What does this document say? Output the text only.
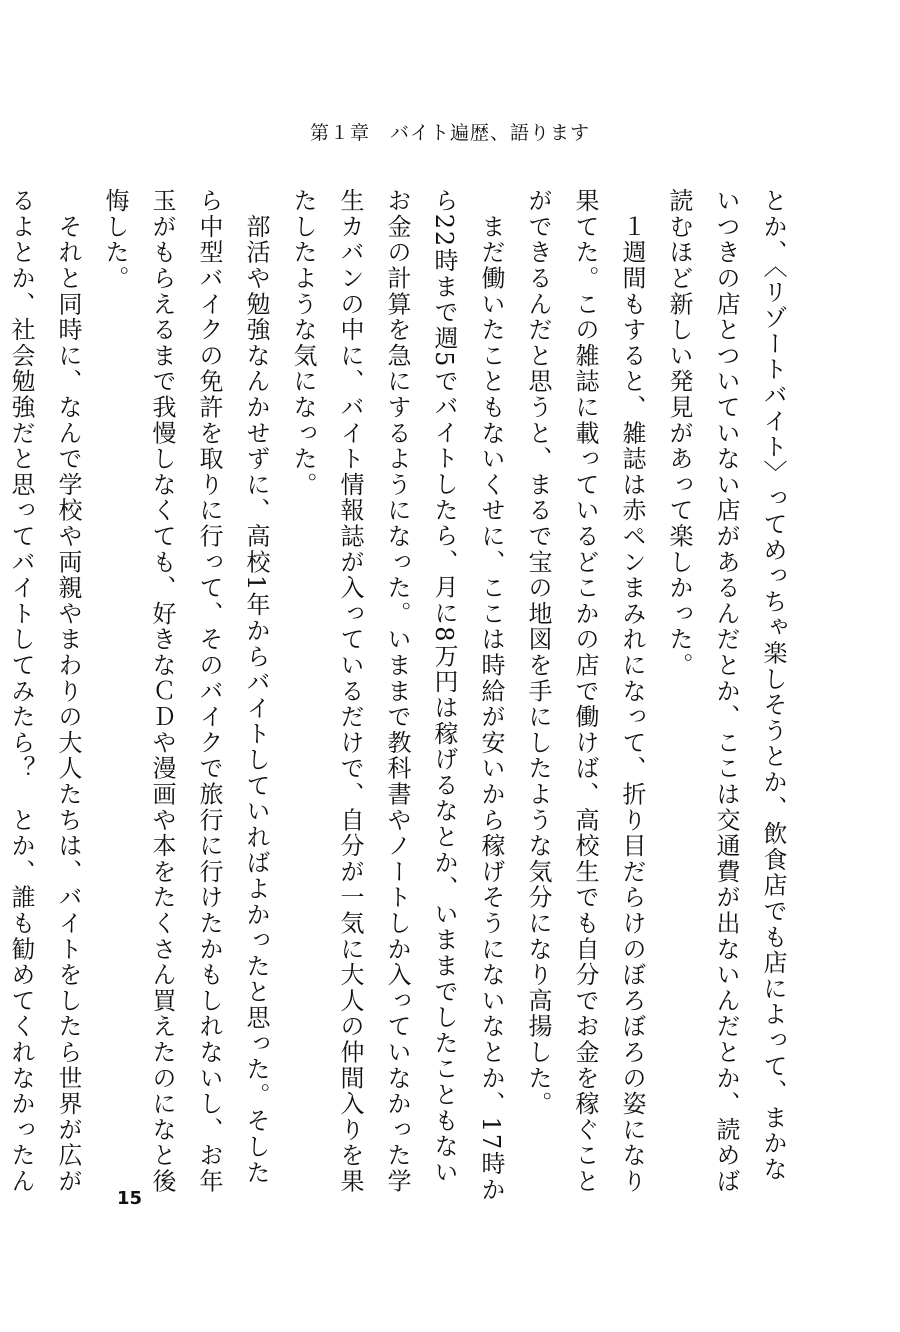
第１章　バイト遍歴、語ります
とか、〈リゾートバイト〉ってめっちゃ楽しそうとか、飲食店でも店によって、まかな
いつきの店とついていない店があるんだとか、ここは交通費が出ないんだとか、読めば
読むほど新しい発見があって楽しかった。
　１週間もすると、雑誌は赤ペンまみれになって、折り目だらけのぼろぼろの姿になり
果てた。この雑誌に載っているどこかの店で働けば、高校生でも自分でお金を稼ぐこと
ができるんだと思うと、まるで宝の地図を手にしたような気分になり高揚した。
　まだ働いたこともないくせに、ここは時給が安いから稼げそうにないなとか、17時か
ら22時まで週5でバイトしたら、月に8万円は稼げるなとか、いままでしたこともない
お金の計算を急にするようになった。いままで教科書やノートしか入っていなかった学
生カバンの中に、バイト情報誌が入っているだけで、自分が一気に大人の仲間入りを果
たしたような気になった。
　部活や勉強なんかせずに、高校1年からバイトしていればよかったと思った。そした
ら中型バイクの免許を取りに行って、そのバイクで旅行に行けたかもしれないし、お年
玉がもらえるまで我慢しなくても、好きなＣＤや漫画や本をたくさん買えたのになと後
悔した。
　それと同時に、なんで学校や両親やまわりの大人たちは、バイトをしたら世界が広が
るよとか、社会勉強だと思ってバイトしてみたら？　とか、誰も勧めてくれなかったん
15
